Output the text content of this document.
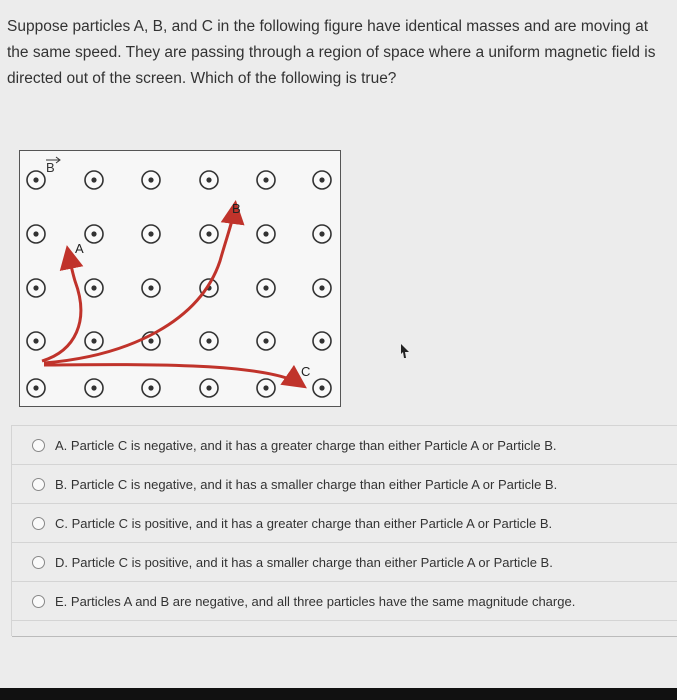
Suppose particles A, B, and C in the following figure have identical masses and are moving at the same speed. They are passing through a region of space where a uniform magnetic field is directed out of the screen. Which of the following is true?
B
A
B
C
A. Particle C is negative, and it has a greater charge than either Particle A or Particle B.
B. Particle C is negative, and it has a smaller charge than either Particle A or Particle B.
C. Particle C is positive, and it has a greater charge than either Particle A or Particle B.
D. Particle C is positive, and it has a smaller charge than either Particle A or Particle B.
E. Particles A and B are negative, and all three particles have the same magnitude charge.
